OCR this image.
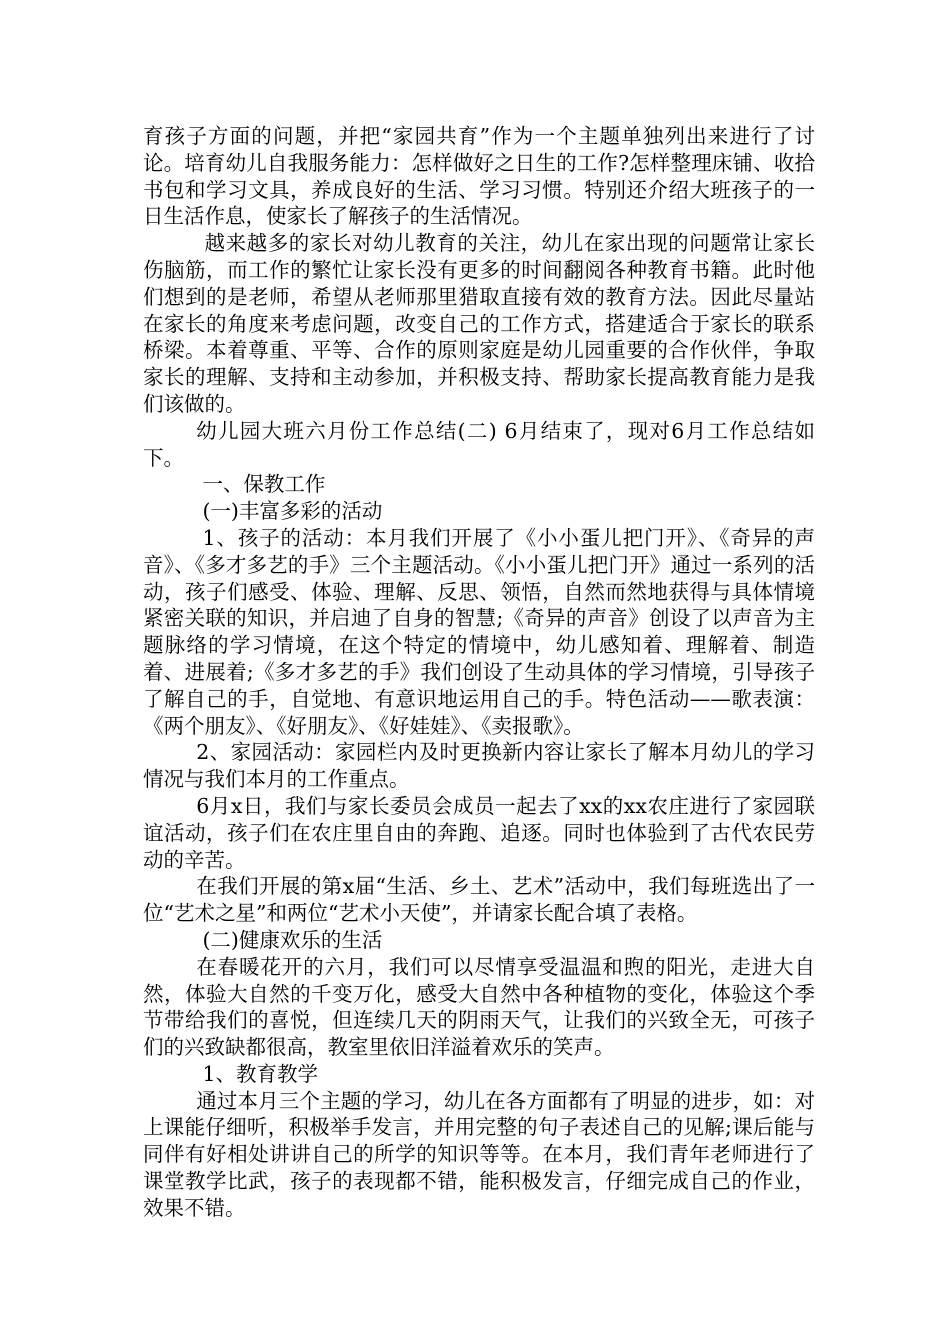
育孩子方面的问题，并把“家园共育”作为一个主题单独列出来进行了讨论。培育幼儿自我服务能力：怎样做好之日生的工作?怎样整理床铺、收拾书包和学习文具，养成良好的生活、学习习惯。特别还介绍大班孩子的一日生活作息，使家长了解孩子的生活情况。

越来越多的家长对幼儿教育的关注，幼儿在家出现的问题常让家长伤脑筋，而工作的繁忙让家长没有更多的时间翻阅各种教育书籍。此时他们想到的是老师，希望从老师那里猎取直接有效的教育方法。因此尽量站在家长的角度来考虑问题，改变自己的工作方式，搭建适合于家长的联系桥梁。本着尊重、平等、合作的原则家庭是幼儿园重要的合作伙伴，争取家长的理解、支持和主动参加，并积极支持、帮助家长提高教育能力是我们该做的。

幼儿园大班六月份工作总结(二) 6月结束了，现对6月工作总结如下。

一、保教工作

(一)丰富多彩的活动

1、孩子的活动：本月我们开展了《小小蛋儿把门开》、《奇异的声音》、《多才多艺的手》三个主题活动。《小小蛋儿把门开》通过一系列的活动，孩子们感受、体验、理解、反思、领悟，自然而然地获得与具体情境紧密关联的知识，并启迪了自身的智慧;《奇异的声音》创设了以声音为主题脉络的学习情境，在这个特定的情境中，幼儿感知着、理解着、制造着、进展着;《多才多艺的手》我们创设了生动具体的学习情境，引导孩子了解自己的手，自觉地、有意识地运用自己的手。特色活动——歌表演：《两个朋友》、《好朋友》、《好娃娃》、《卖报歌》。

2、家园活动：家园栏内及时更换新内容让家长了解本月幼儿的学习情况与我们本月的工作重点。

6月x日，我们与家长委员会成员一起去了xx的xx农庄进行了家园联谊活动，孩子们在农庄里自由的奔跑、追逐。同时也体验到了古代农民劳动的辛苦。

在我们开展的第x届“生活、乡土、艺术”活动中，我们每班选出了一位“艺术之星”和两位“艺术小天使”，并请家长配合填了表格。

(二)健康欢乐的生活

在春暖花开的六月，我们可以尽情享受温温和煦的阳光，走进大自然，体验大自然的千变万化，感受大自然中各种植物的变化，体验这个季节带给我们的喜悦，但连续几天的阴雨天气，让我们的兴致全无，可孩子们的兴致缺都很高，教室里依旧洋溢着欢乐的笑声。

1、教育教学

通过本月三个主题的学习，幼儿在各方面都有了明显的进步，如：对上课能仔细听，积极举手发言，并用完整的句子表述自己的见解;课后能与同伴有好相处讲讲自己的所学的知识等等。在本月，我们青年老师进行了课堂教学比武，孩子的表现都不错，能积极发言，仔细完成自己的作业，效果不错。
